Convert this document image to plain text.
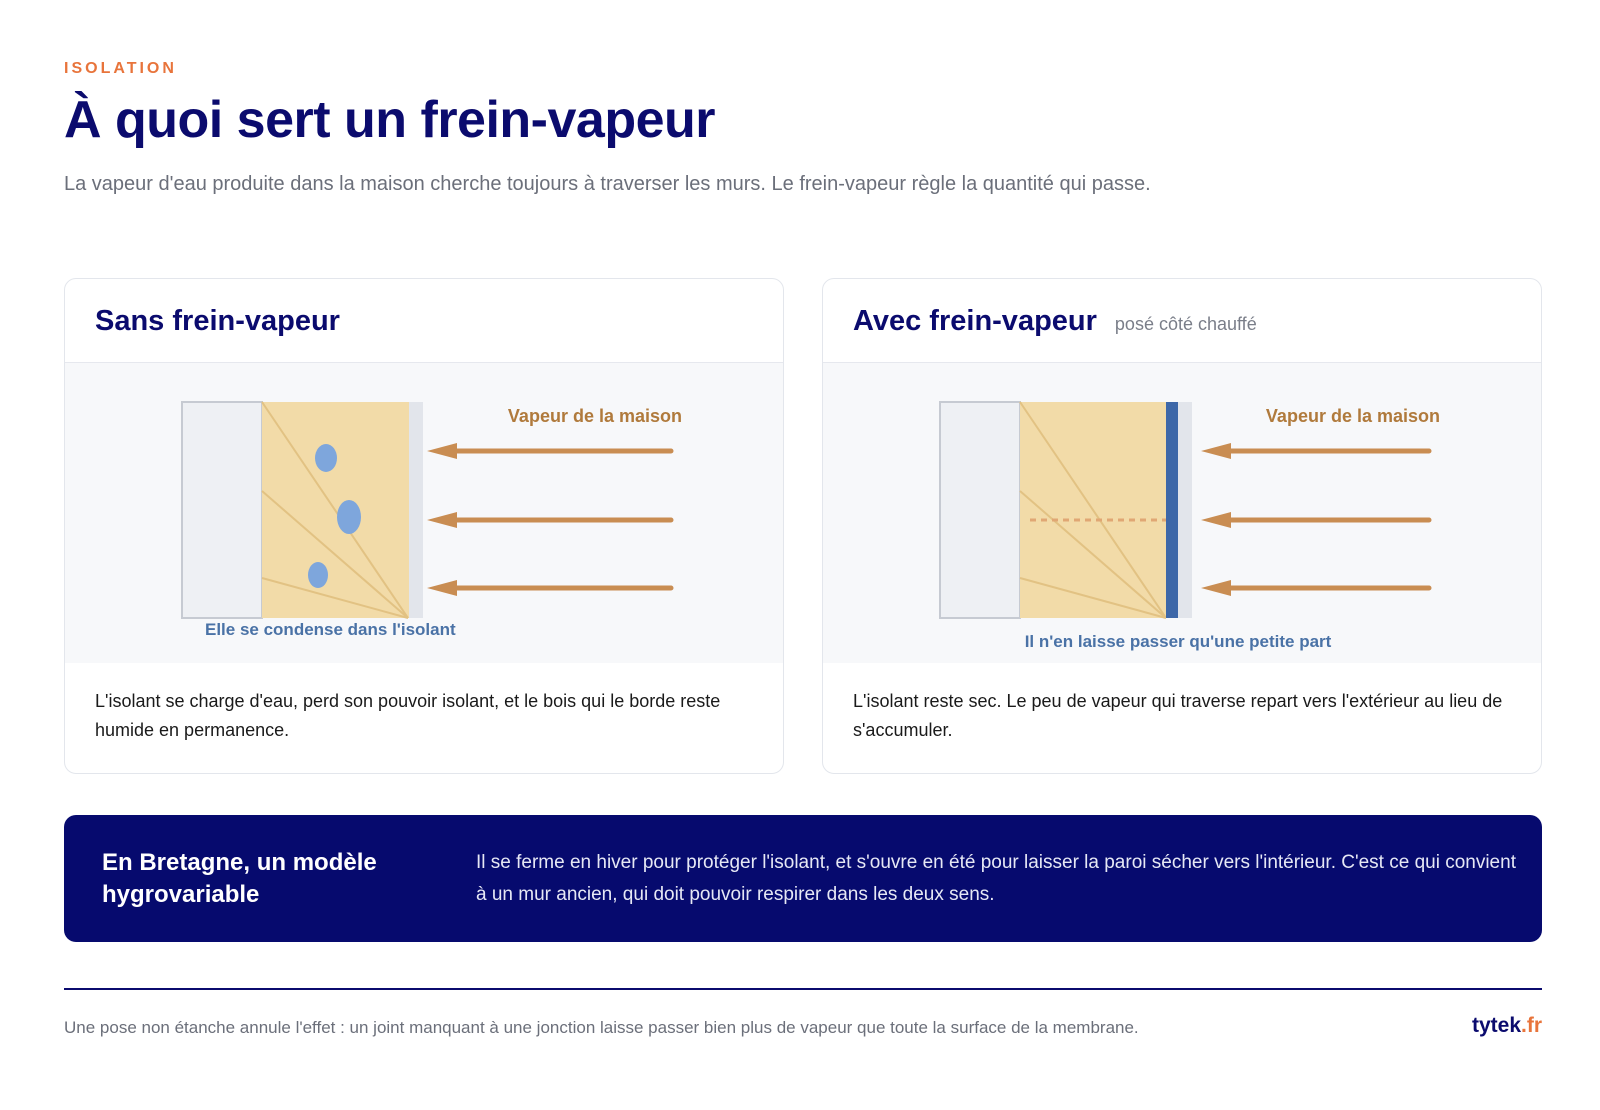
ISOLATION
À quoi sert un frein-vapeur

La vapeur d'eau produite dans la maison cherche toujours à traverser les murs. Le frein-vapeur règle la quantité qui passe.

Sans frein-vapeur
Vapeur de la maison
Elle se condense dans l'isolant

L'isolant se charge d'eau, perd son pouvoir isolant, et le bois qui le borde reste humide en permanence.

Avec frein-vapeur posé côté chauffé
Vapeur de la maison
Il n'en laisse passer qu'une petite part

L'isolant reste sec. Le peu de vapeur qui traverse repart vers l'extérieur au lieu de s'accumuler.

En Bretagne, un modèle hygrovariable

Il se ferme en hiver pour protéger l'isolant, et s'ouvre en été pour laisser la paroi sécher vers l'intérieur. C'est ce qui convient à un mur ancien, qui doit pouvoir respirer dans les deux sens.

Une pose non étanche annule l'effet : un joint manquant à une jonction laisse passer bien plus de vapeur que toute la surface de la membrane.	tytek.fr
